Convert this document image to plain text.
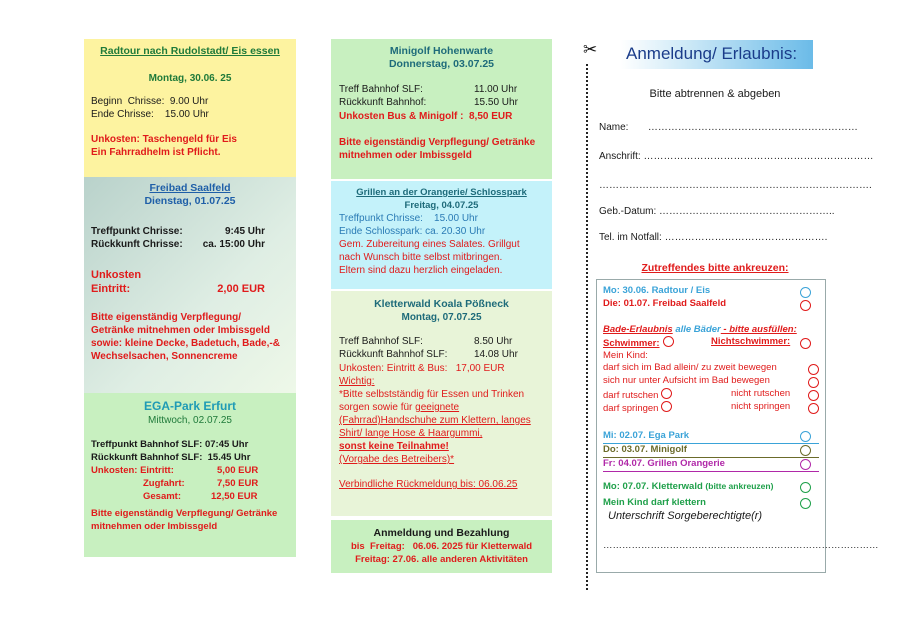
Radtour nach Rudolstadt/ Eis essen
Montag, 30.06. 25
Beginn  Chrisse:  9.00 Uhr
Ende Chrisse:    15.00 Uhr
Unkosten: Taschengeld für Eis
Ein Fahrradhelm ist Pflicht.
Freibad Saalfeld
Dienstag, 01.07.25
Treffpunkt Chrisse:	9:45 Uhr
Rückkunft Chrisse: ca. 15:00 Uhr
Unkosten
Eintritt:	2,00 EUR
Bitte eigenständig Verpflegung/
Getränke mitnehmen oder Imbissgeld
sowie: kleine Decke, Badetuch, Bade,-&
Wechselsachen, Sonnencreme
EGA-Park Erfurt
Mittwoch, 02.07.25
Treffpunkt Bahnhof SLF: 07:45 Uhr
Rückkunft Bahnhof SLF:  15.45 Uhr
Unkosten: Eintritt:	5,00 EUR
Zugfahrt:	7,50 EUR
Gesamt:	12,50 EUR
Bitte eigenständig Verpflegung/ Getränke
mitnehmen oder Imbissgeld
Minigolf Hohenwarte
Donnerstag, 03.07.25
Treff Bahnhof SLF:	11.00 Uhr
Rückkunft Bahnhof:	15.50 Uhr
Unkosten Bus & Minigolf :  8,50 EUR
Bitte eigenständig Verpflegung/ Getränke
mitnehmen oder Imbissgeld
Grillen an der Orangerie/ Schlosspark
Freitag, 04.07.25
Treffpunkt Chrisse:    15.00 Uhr
Ende Schlosspark: ca. 20.30 Uhr
Gem. Zubereitung eines Salates. Grillgut
nach Wunsch bitte selbst mitbringen.
Eltern sind dazu herzlich eingeladen.
Kletterwald Koala Pößneck
Montag, 07.07.25
Treff Bahnhof SLF:	8.50 Uhr
Rückkunft Bahnhof SLF:	14.08 Uhr
Unkosten: Eintritt & Bus:   17,00 EUR
Wichtig:
*Bitte selbstständig für Essen und Trinken
sorgen sowie für geeignete
(Fahrrad)Handschuhe zum Klettern, langes
Shirt/ lange Hose & Haargummi,
sonst keine Teilnahme!
(Vorgabe des Betreibers)*
Verbindliche Rückmeldung bis: 06.06.25
Anmeldung und Bezahlung
bis  Freitag:   06.06. 2025 für Kletterwald
Freitag: 27.06. alle anderen Aktivitäten
✂	Anmeldung/ Erlaubnis:
Bitte abtrennen & abgeben
Name: ………………………………………………………
Anschrift: ……………………………………………………………
……………………………………………………………………….
Geb.-Datum: ……………………………………………..
Tel. im Notfall: ………………………………………….
Zutreffendes bitte ankreuzen:
Mo: 30.06. Radtour / Eis
Die: 01.07. Freibad Saalfeld
Bade-Erlaubnis alle Bäder - bitte ausfüllen:
Schwimmer:	Nichtschwimmer:
Mein Kind:
darf sich im Bad allein/ zu zweit bewegen
sich nur unter Aufsicht im Bad bewegen
darf rutschen	nicht rutschen
darf springen	nicht springen
Mi: 02.07. Ega Park
Do: 03.07. Minigolf
Fr: 04.07. Grillen Orangerie
Mo: 07.07. Kletterwald (bitte ankreuzen)
Mein Kind darf klettern
Unterschrift Sorgeberechtigte(r)
……………………………………………………………………………
